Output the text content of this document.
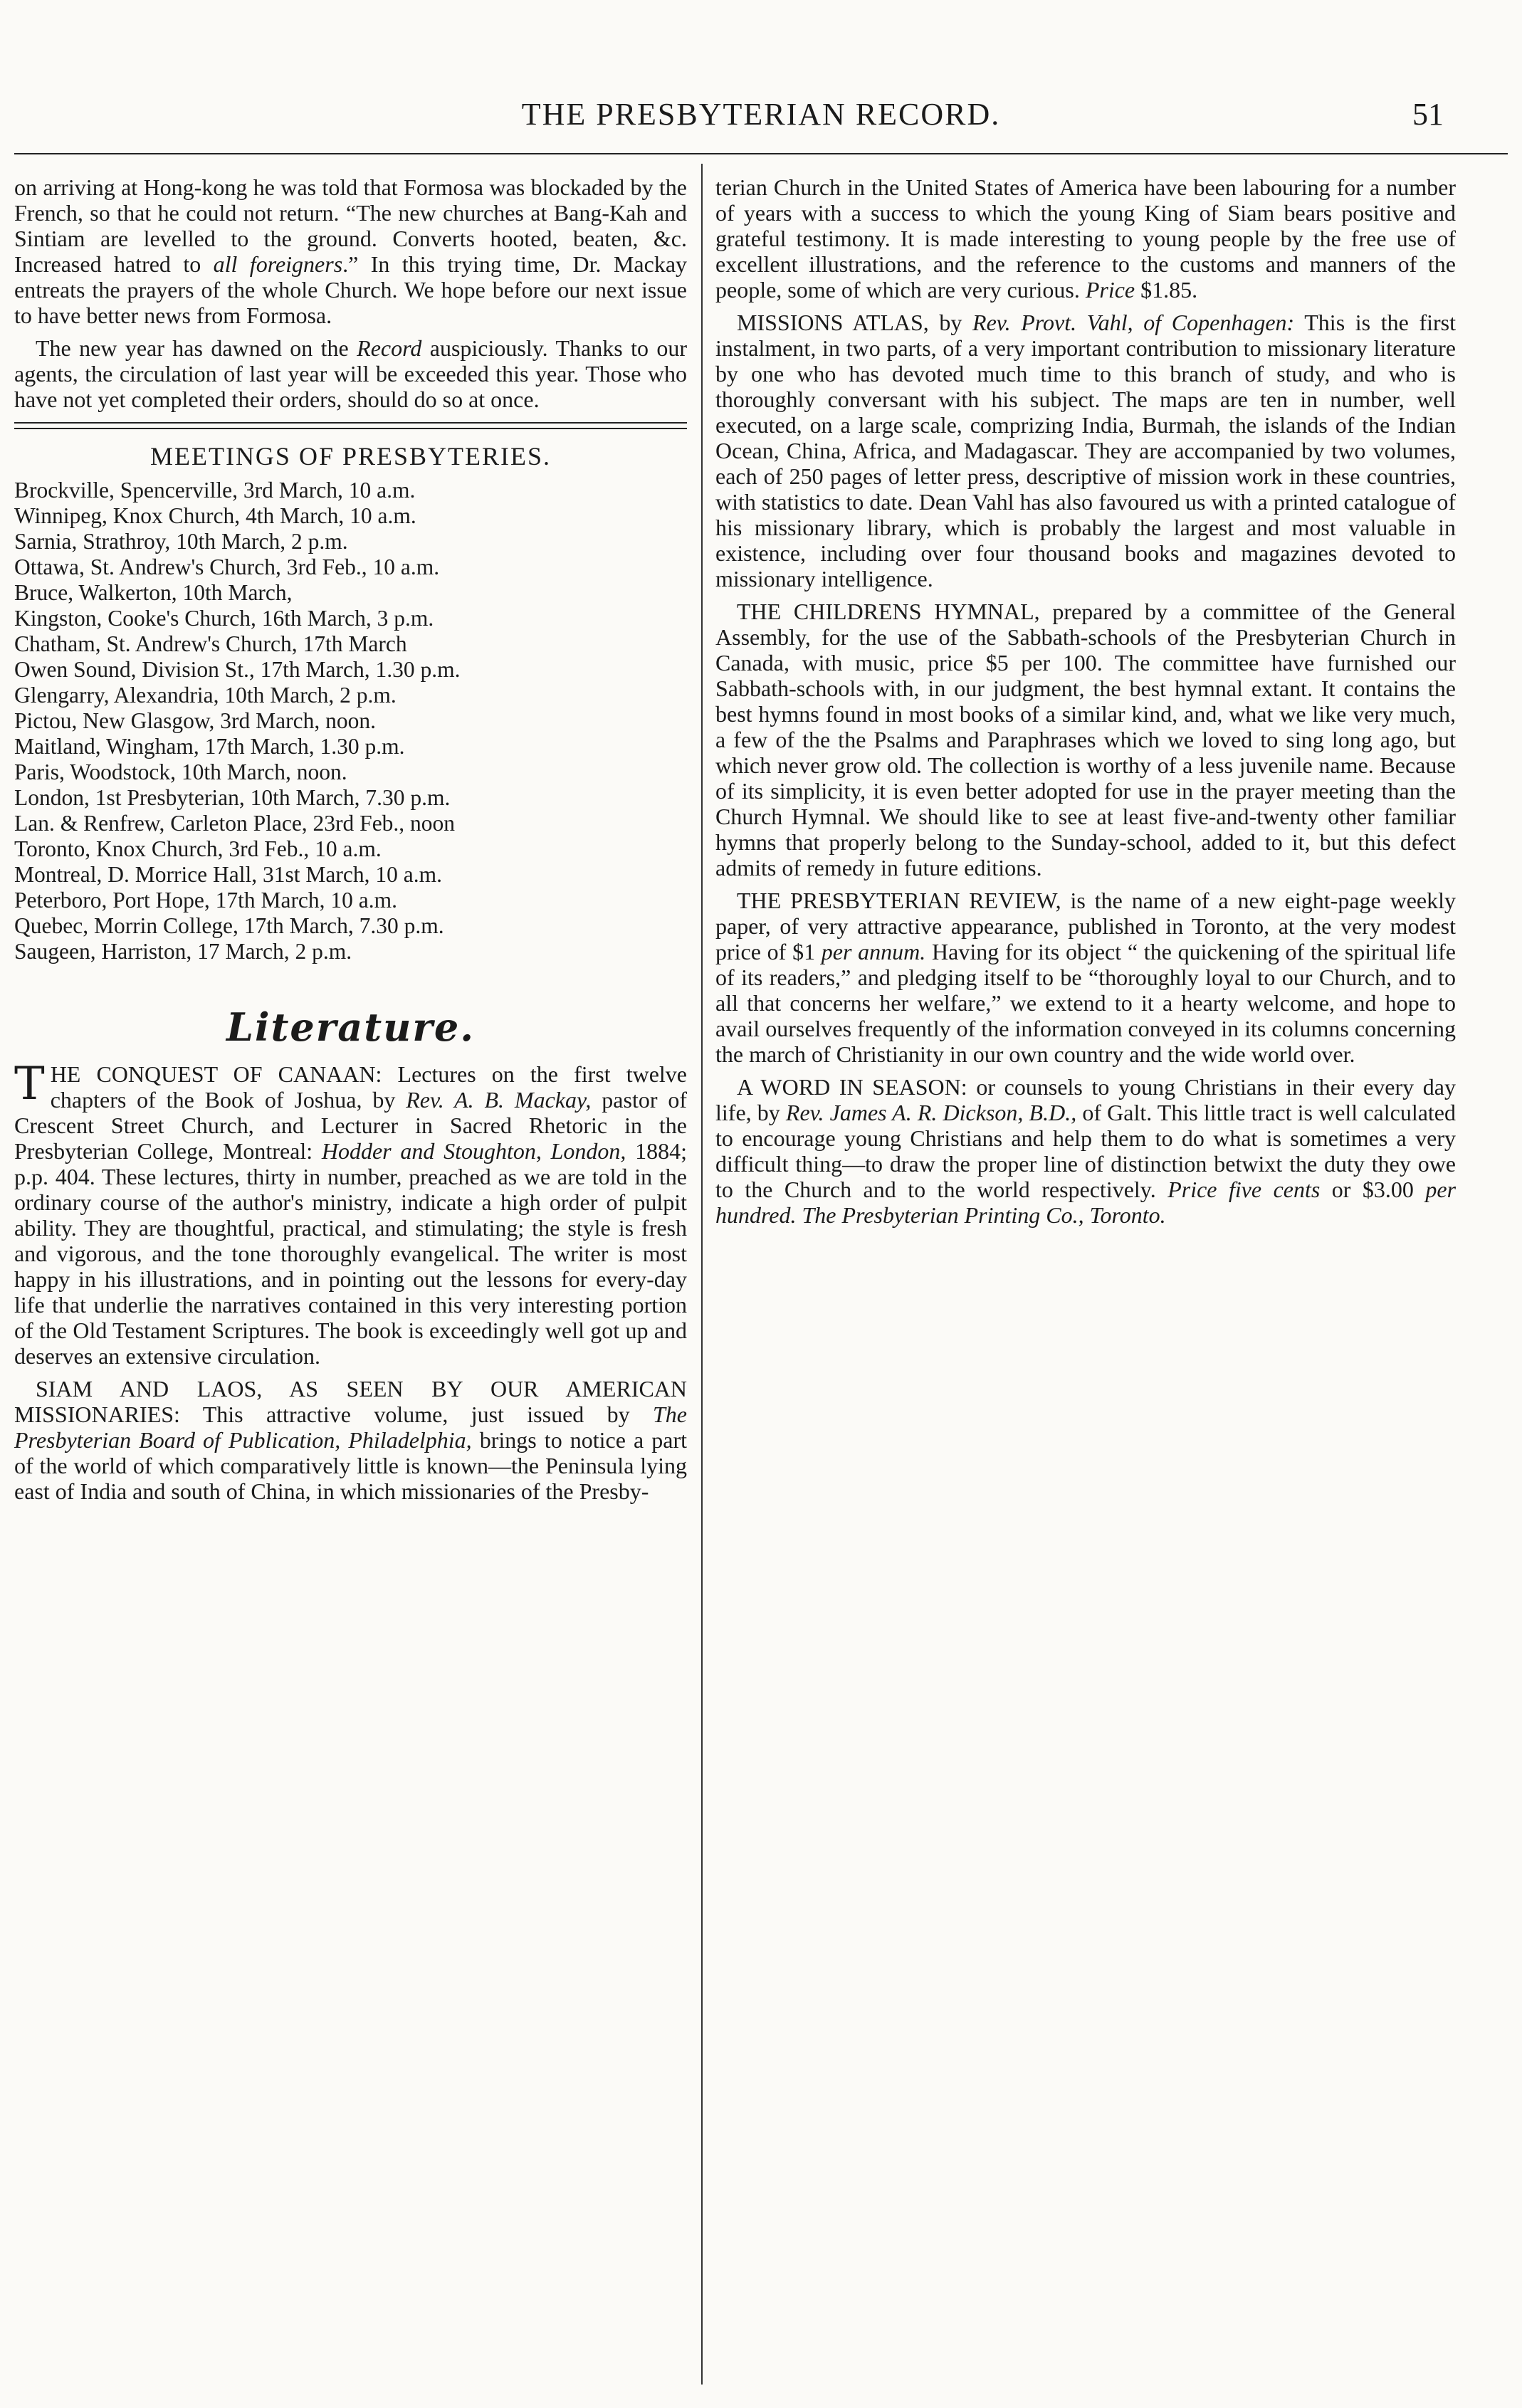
THE PRESBYTERIAN RECORD.	51

on arriving at Hong-kong he was told that Formosa was blockaded by the French, so that he could not return. “The new churches at Bang-Kah and Sintiam are levelled to the ground. Converts hooted, beaten, &c. Increased hatred to all foreigners.” In this trying time, Dr. Mackay entreats the prayers of the whole Church. We hope before our next issue to have better news from Formosa.

The new year has dawned on the Record auspiciously. Thanks to our agents, the circulation of last year will be exceeded this year. Those who have not yet completed their orders, should do so at once.

MEETINGS OF PRESBYTERIES.
Brockville, Spencerville, 3rd March, 10 a.m.
Winnipeg, Knox Church, 4th March, 10 a.m.
Sarnia, Strathroy, 10th March, 2 p.m.
Ottawa, St. Andrew's Church, 3rd Feb., 10 a.m.
Bruce, Walkerton, 10th March,
Kingston, Cooke's Church, 16th March, 3 p.m.
Chatham, St. Andrew's Church, 17th March
Owen Sound, Division St., 17th March, 1.30 p.m.
Glengarry, Alexandria, 10th March, 2 p.m.
Pictou, New Glasgow, 3rd March, noon.
Maitland, Wingham, 17th March, 1.30 p.m.
Paris, Woodstock, 10th March, noon.
London, 1st Presbyterian, 10th March, 7.30 p.m.
Lan. & Renfrew, Carleton Place, 23rd Feb., noon
Toronto, Knox Church, 3rd Feb., 10 a.m.
Montreal, D. Morrice Hall, 31st March, 10 a.m.
Peterboro, Port Hope, 17th March, 10 a.m.
Quebec, Morrin College, 17th March, 7.30 p.m.
Saugeen, Harriston, 17 March, 2 p.m.
Literature.

THE CONQUEST OF CANAAN: Lectures on the first twelve chapters of the Book of Joshua, by Rev. A. B. Mackay, pastor of Crescent Street Church, and Lecturer in Sacred Rhetoric in the Presbyterian College, Montreal: Hodder and Stoughton, London, 1884; p.p. 404. These lectures, thirty in number, preached as we are told in the ordinary course of the author's ministry, indicate a high order of pulpit ability. They are thoughtful, practical, and stimulating; the style is fresh and vigorous, and the tone thoroughly evangelical. The writer is most happy in his illustrations, and in pointing out the lessons for every-day life that underlie the narratives contained in this very interesting portion of the Old Testament Scriptures. The book is exceedingly well got up and deserves an extensive circulation.

SIAM AND LAOS, AS SEEN BY OUR AMERICAN MISSIONARIES: This attractive volume, just issued by The Presbyterian Board of Publication, Philadelphia, brings to notice a part of the world of which comparatively little is known—the Peninsula lying east of India and south of China, in which missionaries of the Presby-

terian Church in the United States of America have been labouring for a number of years with a success to which the young King of Siam bears positive and grateful testimony. It is made interesting to young people by the free use of excellent illustrations, and the reference to the customs and manners of the people, some of which are very curious. Price $1.85.

MISSIONS ATLAS, by Rev. Provt. Vahl, of Copenhagen: This is the first instalment, in two parts, of a very important contribution to missionary literature by one who has devoted much time to this branch of study, and who is thoroughly conversant with his subject. The maps are ten in number, well executed, on a large scale, comprizing India, Burmah, the islands of the Indian Ocean, China, Africa, and Madagascar. They are accompanied by two volumes, each of 250 pages of letter press, descriptive of mission work in these countries, with statistics to date. Dean Vahl has also favoured us with a printed catalogue of his missionary library, which is probably the largest and most valuable in existence, including over four thousand books and magazines devoted to missionary intelligence.

THE CHILDRENS HYMNAL, prepared by a committee of the General Assembly, for the use of the Sabbath-schools of the Presbyterian Church in Canada, with music, price $5 per 100. The committee have furnished our Sabbath-schools with, in our judgment, the best hymnal extant. It contains the best hymns found in most books of a similar kind, and, what we like very much, a few of the the Psalms and Paraphrases which we loved to sing long ago, but which never grow old. The collection is worthy of a less juvenile name. Because of its simplicity, it is even better adopted for use in the prayer meeting than the Church Hymnal. We should like to see at least five-and-twenty other familiar hymns that properly belong to the Sunday-school, added to it, but this defect admits of remedy in future editions.

THE PRESBYTERIAN REVIEW, is the name of a new eight-page weekly paper, of very attractive appearance, published in Toronto, at the very modest price of $1 per annum. Having for its object “ the quickening of the spiritual life of its readers,” and pledging itself to be “thoroughly loyal to our Church, and to all that concerns her welfare,” we extend to it a hearty welcome, and hope to avail ourselves frequently of the information conveyed in its columns concerning the march of Christianity in our own country and the wide world over.

A WORD IN SEASON: or counsels to young Christians in their every day life, by Rev. James A. R. Dickson, B.D., of Galt. This little tract is well calculated to encourage young Christians and help them to do what is sometimes a very difficult thing—to draw the proper line of distinction betwixt the duty they owe to the Church and to the world respectively. Price five cents or $3.00 per hundred. The Presbyterian Printing Co., Toronto.
